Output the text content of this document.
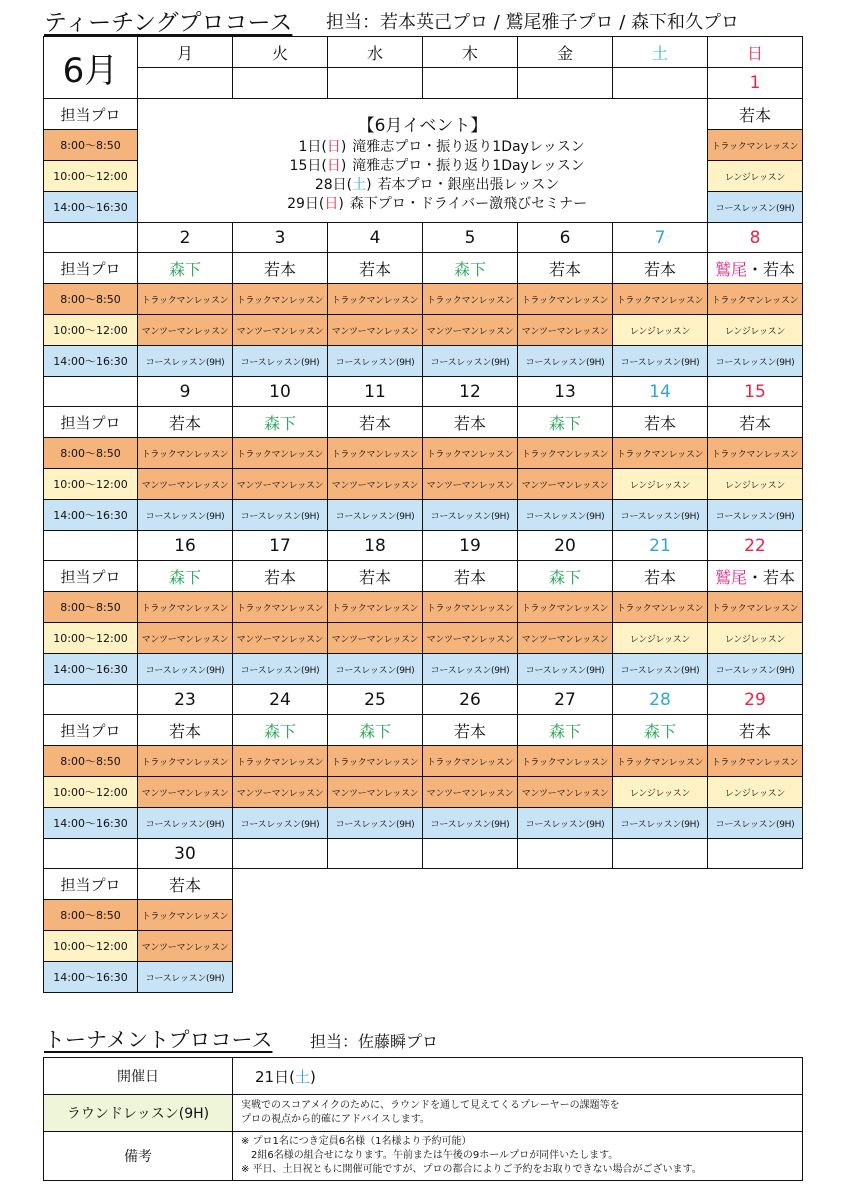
ティーチングプロコース 担当：若本英己プロ / 鷲尾雅子プロ / 森下和久プロ
6月	月	火	水	木	金	土	日
							1
担当プロ	【6月イベント】
1日(日) 滝雅志プロ・振り返り1Dayレッスン
15日(日) 滝雅志プロ・振り返り1Dayレッスン
28日(土) 若本プロ・銀座出張レッスン
29日(日) 森下プロ・ドライバー激飛びセミナー						若本
8:00～8:50							トラックマンレッスン
10:00～12:00							レンジレッスン
14:00～16:30							コースレッスン(9H)
	2	3	4	5	6	7	8
担当プロ	森下	若本	若本	森下	若本	若本	鷲尾・若本
8:00～8:50	トラックマンレッスン	トラックマンレッスン	トラックマンレッスン	トラックマンレッスン	トラックマンレッスン	トラックマンレッスン	トラックマンレッスン
10:00～12:00	マンツーマンレッスン	マンツーマンレッスン	マンツーマンレッスン	マンツーマンレッスン	マンツーマンレッスン	レンジレッスン	レンジレッスン
14:00～16:30	コースレッスン(9H)	コースレッスン(9H)	コースレッスン(9H)	コースレッスン(9H)	コースレッスン(9H)	コースレッスン(9H)	コースレッスン(9H)
	9	10	11	12	13	14	15
担当プロ	若本	森下	若本	若本	森下	若本	若本
8:00～8:50	トラックマンレッスン	トラックマンレッスン	トラックマンレッスン	トラックマンレッスン	トラックマンレッスン	トラックマンレッスン	トラックマンレッスン
10:00～12:00	マンツーマンレッスン	マンツーマンレッスン	マンツーマンレッスン	マンツーマンレッスン	マンツーマンレッスン	レンジレッスン	レンジレッスン
14:00～16:30	コースレッスン(9H)	コースレッスン(9H)	コースレッスン(9H)	コースレッスン(9H)	コースレッスン(9H)	コースレッスン(9H)	コースレッスン(9H)
	16	17	18	19	20	21	22
担当プロ	森下	若本	若本	若本	森下	若本	鷲尾・若本
8:00～8:50	トラックマンレッスン	トラックマンレッスン	トラックマンレッスン	トラックマンレッスン	トラックマンレッスン	トラックマンレッスン	トラックマンレッスン
10:00～12:00	マンツーマンレッスン	マンツーマンレッスン	マンツーマンレッスン	マンツーマンレッスン	マンツーマンレッスン	レンジレッスン	レンジレッスン
14:00～16:30	コースレッスン(9H)	コースレッスン(9H)	コースレッスン(9H)	コースレッスン(9H)	コースレッスン(9H)	コースレッスン(9H)	コースレッスン(9H)
	23	24	25	26	27	28	29
担当プロ	若本	森下	森下	若本	森下	森下	若本
8:00～8:50	トラックマンレッスン	トラックマンレッスン	トラックマンレッスン	トラックマンレッスン	トラックマンレッスン	トラックマンレッスン	トラックマンレッスン
10:00～12:00	マンツーマンレッスン	マンツーマンレッスン	マンツーマンレッスン	マンツーマンレッスン	マンツーマンレッスン	レンジレッスン	レンジレッスン
14:00～16:30	コースレッスン(9H)	コースレッスン(9H)	コースレッスン(9H)	コースレッスン(9H)	コースレッスン(9H)	コースレッスン(9H)	コースレッスン(9H)
	30						
担当プロ	若本						
8:00～8:50	トラックマンレッスン						
10:00～12:00	マンツーマンレッスン						
14:00～16:30	コースレッスン(9H)						
トーナメントプロコース 担当：佐藤瞬プロ
開催日	21日(土)
ラウンドレッスン(9H)	実戦でのスコアメイクのために、ラウンドを通して見えてくるプレーヤーの課題等を
プロの視点から的確にアドバイスします。

備考	※ プロ1名につき定員6名様（1名様より予約可能）
　2組6名様の組合せになります。午前または午後の9ホールプロが同伴いたします。
※ 平日、土日祝ともに開催可能ですが、プロの都合によりご予約をお取りできない場合がございます。
